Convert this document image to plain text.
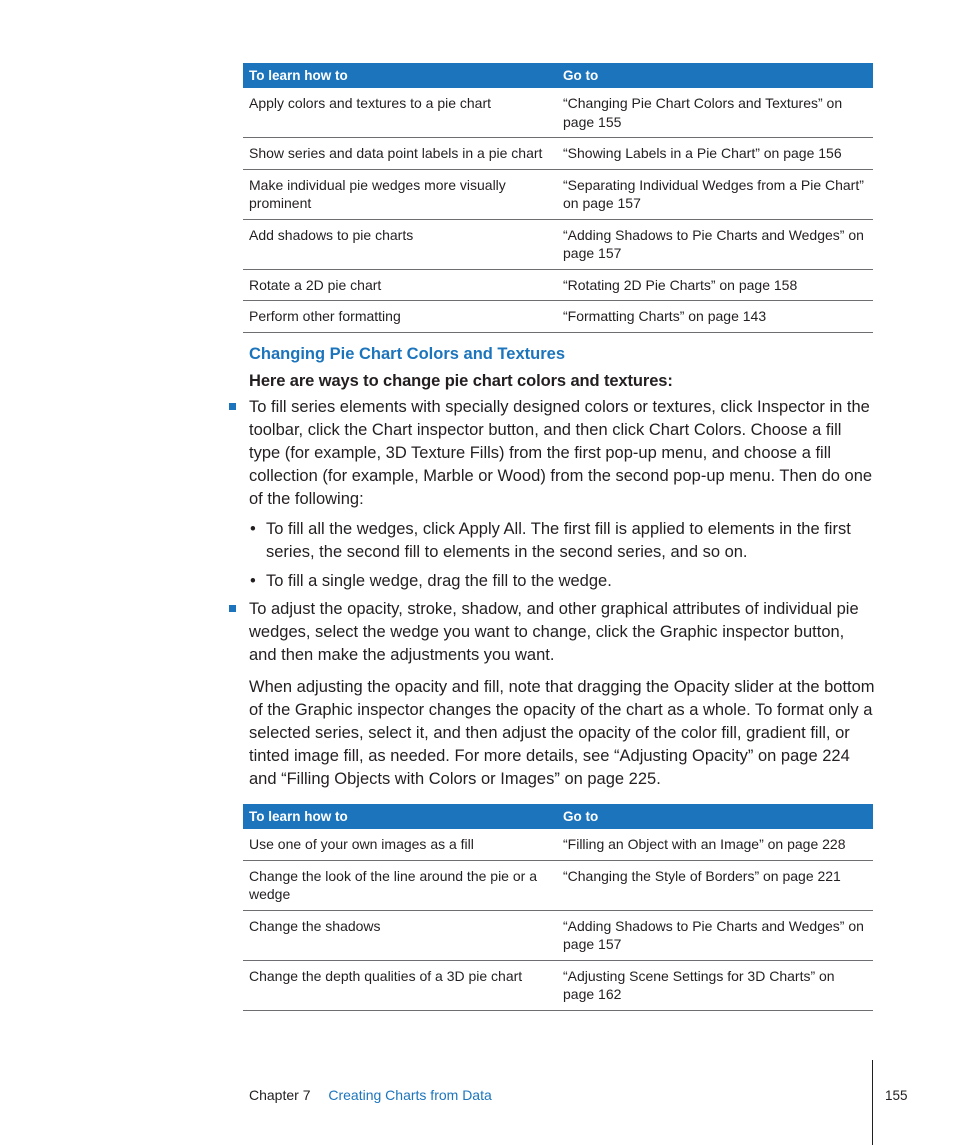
To learn how to	Go to
Apply colors and textures to a pie chart	“Changing Pie Chart Colors and Textures” on page 155
Show series and data point labels in a pie chart	“Showing Labels in a Pie Chart” on page 156
Make individual pie wedges more visually prominent	“Separating Individual Wedges from a Pie Chart” on page 157
Add shadows to pie charts	“Adding Shadows to Pie Charts and Wedges” on page 157
Rotate a 2D pie chart	“Rotating 2D Pie Charts” on page 158
Perform other formatting	“Formatting Charts” on page 143
Changing Pie Chart Colors and Textures

Here are ways to change pie chart colors and textures:

To fill series elements with specially designed colors or textures, click Inspector in the toolbar, click the Chart inspector button, and then click Chart Colors. Choose a fill type (for example, 3D Texture Fills) from the first pop-up menu, and choose a fill collection (for example, Marble or Wood) from the second pop-up menu. Then do one of the following:

• To fill all the wedges, click Apply All. The first fill is applied to elements in the first series, the second fill to elements in the second series, and so on.

• To fill a single wedge, drag the fill to the wedge.

To adjust the opacity, stroke, shadow, and other graphical attributes of individual pie wedges, select the wedge you want to change, click the Graphic inspector button, and then make the adjustments you want.

When adjusting the opacity and fill, note that dragging the Opacity slider at the bottom of the Graphic inspector changes the opacity of the chart as a whole. To format only a selected series, select it, and then adjust the opacity of the color fill, gradient fill, or tinted image fill, as needed. For more details, see “Adjusting Opacity” on page 224 and “Filling Objects with Colors or Images” on page 225.

To learn how to	Go to
Use one of your own images as a fill	“Filling an Object with an Image” on page 228
Change the look of the line around the pie or a wedge	“Changing the Style of Borders” on page 221
Change the shadows	“Adding Shadows to Pie Charts and Wedges” on page 157
Change the depth qualities of a 3D pie chart	“Adjusting Scene Settings for 3D Charts” on page 162
Chapter 7 Creating Charts from Data	155
